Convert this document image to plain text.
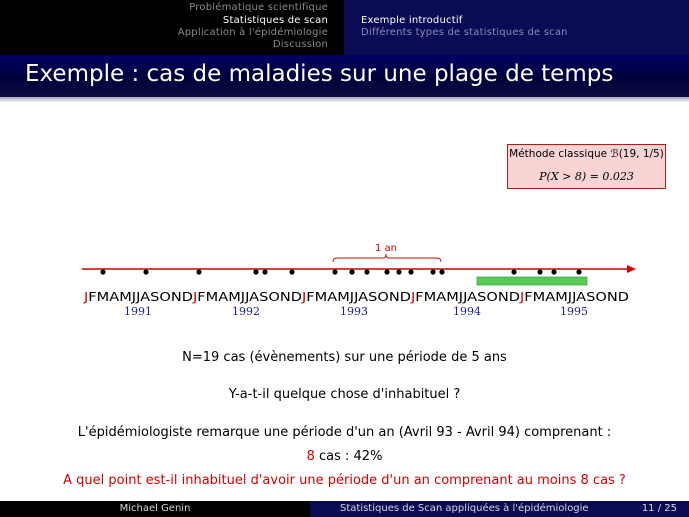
Problématique scientifique
Statistiques de scan
Application à l'épidémiologie
Discussion
Exemple introductif
Différents types de statistiques de scan
Exemple : cas de maladies sur une plage de temps
Méthode classique ℬ(19, 1/5)
P(X > 8) = 0.023
1 an
JFM AM JJASO N D JFM AM JJASO N D JFM AM JJASO N D JFM AM JJASO N D JFM AM JJASO N D
1991	1992	1993	1994	1995
N=19 cas (évènements) sur une période de 5 ans
Y-a-t-il quelque chose d'inhabituel ?
L'épidémiologiste remarque une période d'un an (Avril 93 - Avril 94) comprenant :
8 cas : 42%
A quel point est-il inhabituel d'avoir une période d'un an comprenant au moins 8 cas ?
Michael Genin	Statistiques de Scan appliquées à l'épidémiologie	11 / 25
